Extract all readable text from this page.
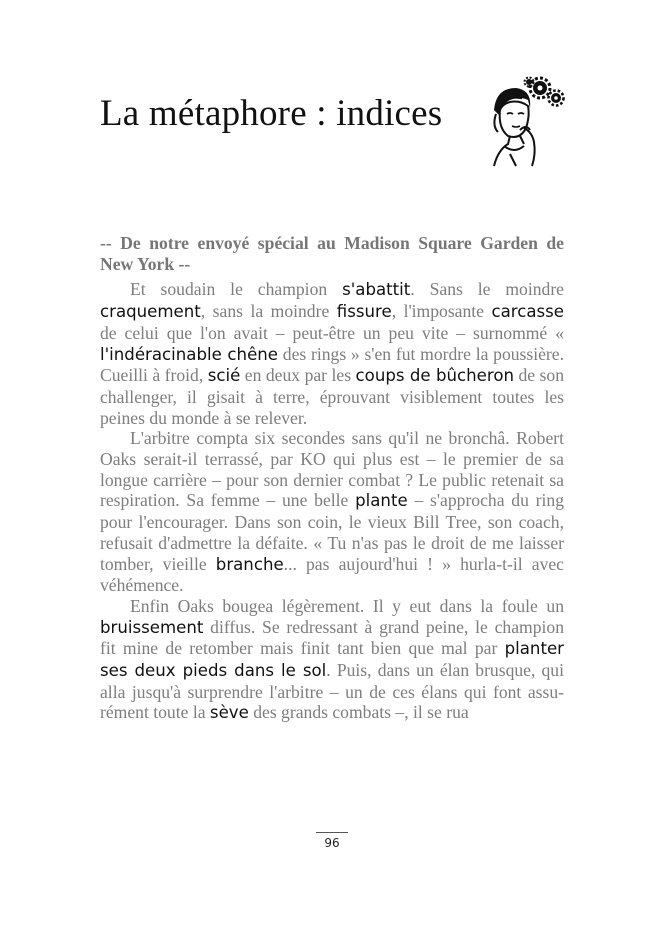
La métaphore : indices
-- De notre envoyé spécial au Madison Square Garden de New York --

Et soudain le champion s'abattit. Sans le moindre craquement, sans la moindre fissure, l'imposante carcasse de celui que l'on avait – peut-être un peu vite – surnommé « l'indéracinable chêne des rings » s'en fut mordre la poussière. Cueilli à froid, scié en deux par les coups de bûcheron de son challenger, il gisait à terre, éprouvant visiblement toutes les peines du monde à se relever.

L'arbitre compta six secondes sans qu'il ne bronchâ. Robert Oaks serait-il terrassé, par KO qui plus est – le premier de sa longue carrière – pour son dernier combat ? Le public retenait sa respiration. Sa femme – une belle plante – s'approcha du ring pour l'encourager. Dans son coin, le vieux Bill Tree, son coach, refusait d'admettre la défaite. « Tu n'as pas le droit de me laisser tomber, vieille branche... pas aujourd'hui ! » hurla-t-il avec véhémence.

Enfin Oaks bougea légèrement. Il y eut dans la foule un bruissement diffus. Se redressant à grand peine, le champion fit mine de retomber mais finit tant bien que mal par planter ses deux pieds dans le sol. Puis, dans un élan brusque, qui alla jusqu'à surprendre l'arbitre – un de ces élans qui font assurément toute la sève des grands combats –, il se rua

96
